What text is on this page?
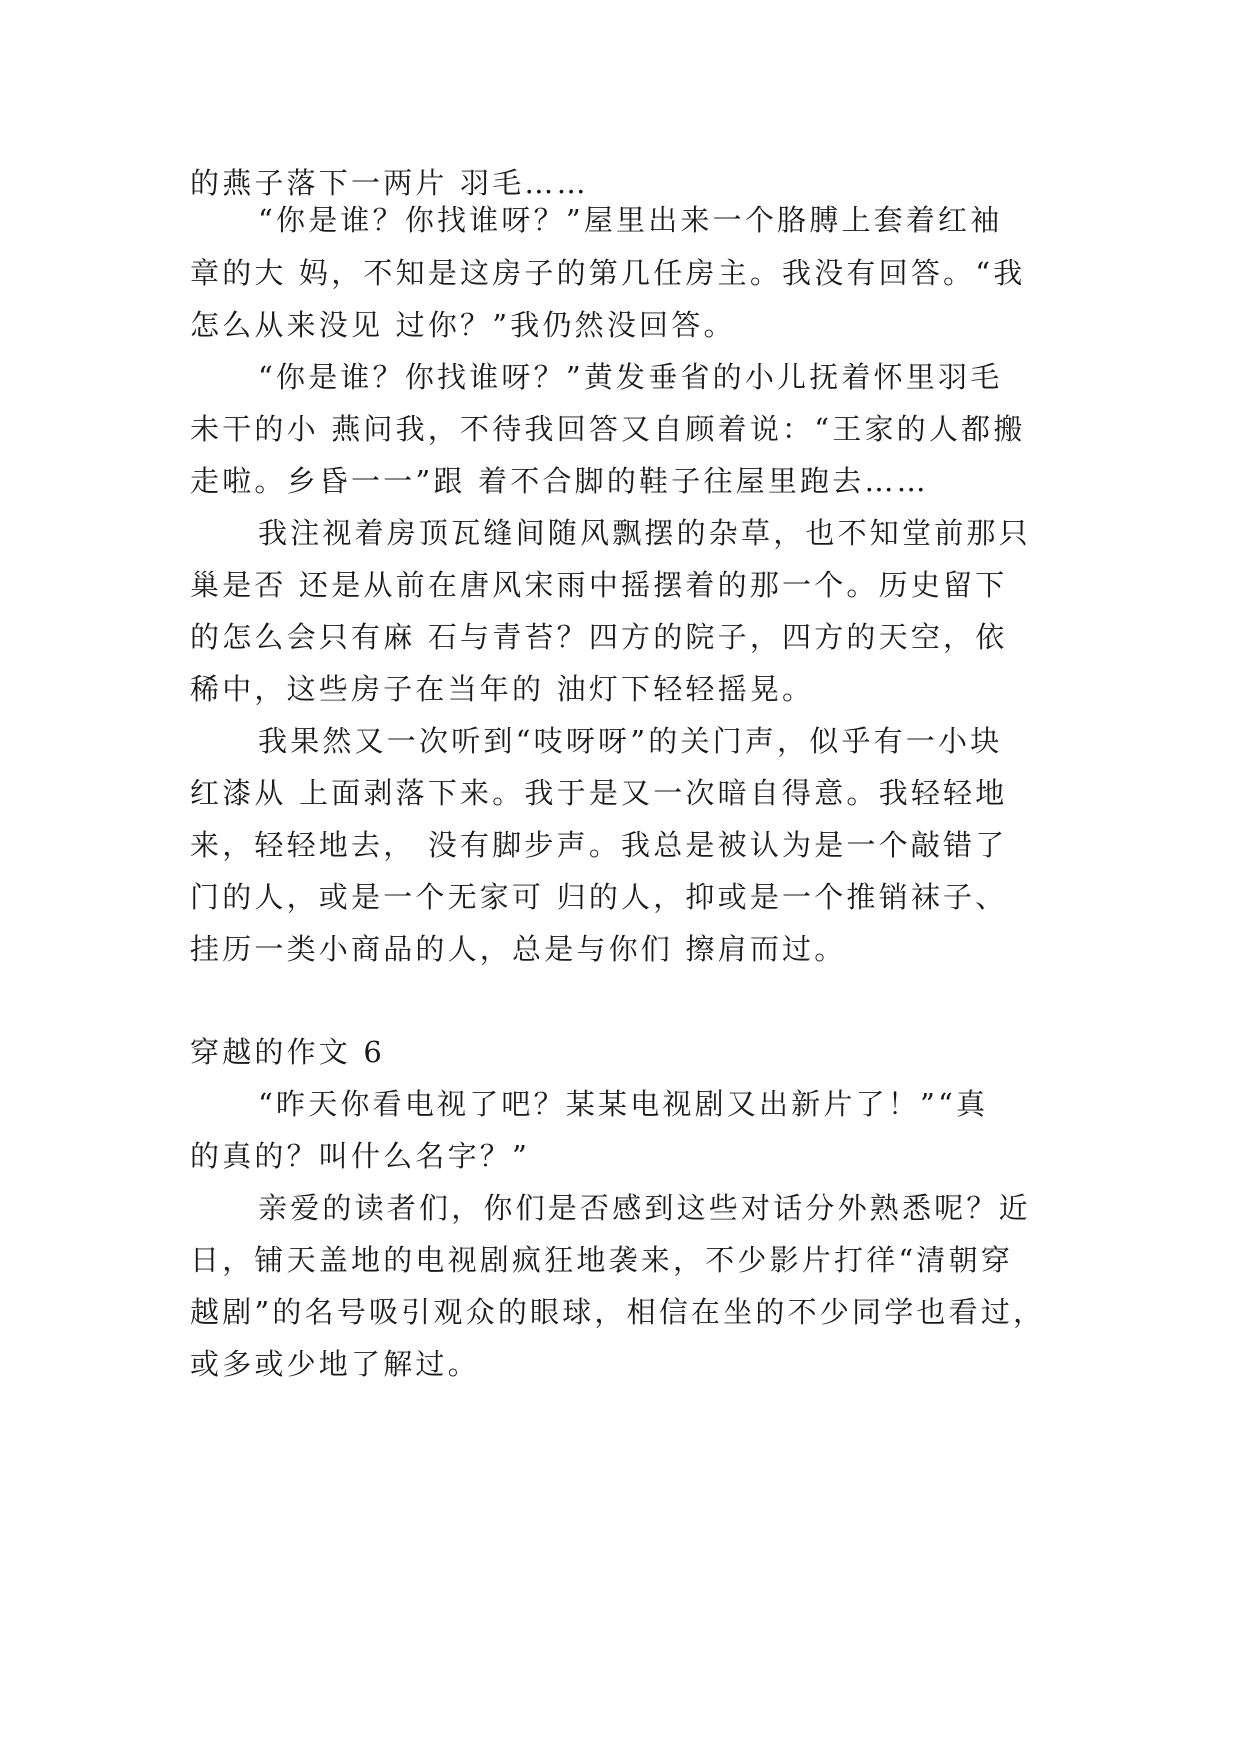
的燕子落下一两片 羽毛……
“你是谁？你找谁呀？”屋里出来一个胳膊上套着红袖
章的大 妈，不知是这房子的第几任房主。我没有回答。“我
怎么从来没见 过你？”我仍然没回答。
“你是谁？你找谁呀？”黄发垂省的小儿抚着怀里羽毛
未干的小 燕问我，不待我回答又自顾着说：“王家的人都搬
走啦。乡昏一一”跟 着不合脚的鞋子往屋里跑去……
我注视着房顶瓦缝间随风飘摆的杂草，也不知堂前那只
巢是否 还是从前在唐风宋雨中摇摆着的那一个。历史留下
的怎么会只有麻 石与青苔？四方的院子，四方的天空，依
稀中，这些房子在当年的 油灯下轻轻摇晃。
我果然又一次听到“吱呀呀”的关门声，似乎有一小块
红漆从 上面剥落下来。我于是又一次暗自得意。我轻轻地
来，轻轻地去， 没有脚步声。我总是被认为是一个敲错了
门的人，或是一个无家可 归的人，抑或是一个推销袜子、
挂历一类小商品的人，总是与你们 擦肩而过。
穿越的作文 6
“昨天你看电视了吧？某某电视剧又出新片了！”“真
的真的？叫什么名字？”
亲爱的读者们，你们是否感到这些对话分外熟悉呢？近
日，铺天盖地的电视剧疯狂地袭来，不少影片打徉“清朝穿
越剧”的名号吸引观众的眼球，相信在坐的不少同学也看过，
或多或少地了解过。
